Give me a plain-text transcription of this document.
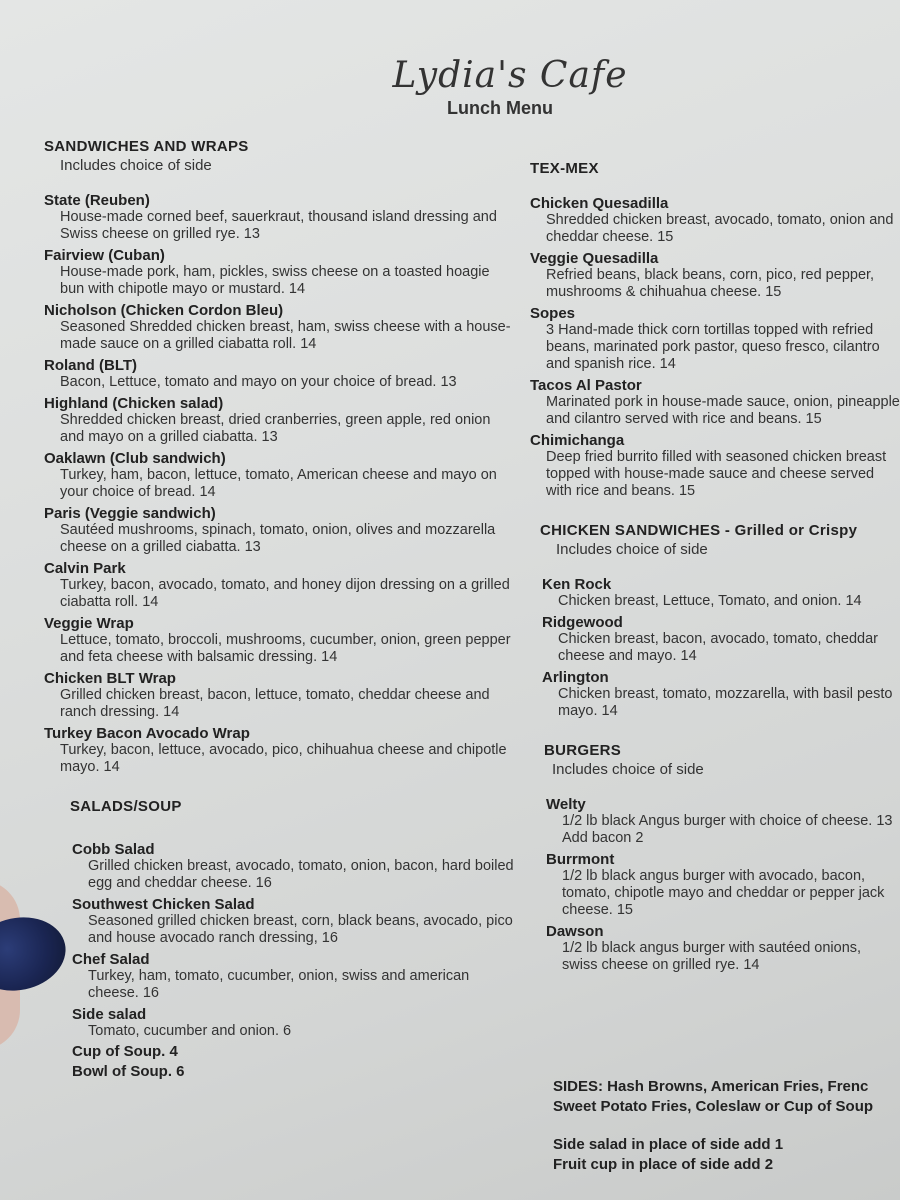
Lydia's Cafe
Lunch Menu
SANDWICHES AND WRAPS
Includes choice of side
State (Reuben)
House-made corned beef, sauerkraut, thousand island dressing and Swiss cheese on grilled rye. 13
Fairview (Cuban)
House-made pork, ham, pickles, swiss cheese on a toasted hoagie bun with chipotle mayo or mustard. 14
Nicholson (Chicken Cordon Bleu)
Seasoned Shredded chicken breast, ham, swiss cheese with a house-made sauce on a grilled ciabatta roll. 14
Roland (BLT)
Bacon, Lettuce, tomato and mayo on your choice of bread. 13
Highland (Chicken salad)
Shredded chicken breast, dried cranberries, green apple, red onion and mayo on a grilled ciabatta. 13
Oaklawn (Club sandwich)
Turkey, ham, bacon, lettuce, tomato, American cheese and mayo on your choice of bread. 14
Paris (Veggie sandwich)
Sautéed mushrooms, spinach, tomato, onion, olives and mozzarella cheese on a grilled ciabatta. 13
Calvin Park
Turkey, bacon, avocado, tomato, and honey dijon dressing on a grilled ciabatta roll. 14
Veggie Wrap
Lettuce, tomato, broccoli, mushrooms, cucumber, onion, green pepper and feta cheese with balsamic dressing. 14
Chicken BLT Wrap
Grilled chicken breast, bacon, lettuce, tomato, cheddar cheese and ranch dressing. 14
Turkey Bacon Avocado Wrap
Turkey, bacon, lettuce, avocado, pico, chihuahua cheese and chipotle mayo. 14
SALADS/SOUP
Cobb Salad
Grilled chicken breast, avocado, tomato, onion, bacon, hard boiled egg and cheddar cheese. 16
Southwest Chicken Salad
Seasoned grilled chicken breast, corn, black beans, avocado, pico and house avocado ranch dressing, 16
Chef Salad
Turkey, ham, tomato, cucumber, onion, swiss and american cheese. 16
Side salad
Tomato, cucumber and onion. 6
Cup of Soup. 4
Bowl of Soup. 6
TEX-MEX
Chicken Quesadilla
Shredded chicken breast, avocado, tomato, onion and cheddar cheese. 15
Veggie Quesadilla
Refried beans, black beans, corn, pico, red pepper, mushrooms & chihuahua cheese. 15
Sopes
3 Hand-made thick corn tortillas topped with refried beans, marinated pork pastor, queso fresco, cilantro and spanish rice. 14
Tacos Al Pastor
Marinated pork in house-made sauce, onion, pineapple and cilantro served with rice and beans. 15
Chimichanga
Deep fried burrito filled with seasoned chicken breast topped with house-made sauce and cheese served with rice and beans. 15
CHICKEN SANDWICHES - Grilled or Crispy
Includes choice of side
Ken Rock
Chicken breast, Lettuce, Tomato, and onion. 14
Ridgewood
Chicken breast, bacon, avocado, tomato, cheddar cheese and mayo. 14
Arlington
Chicken breast, tomato, mozzarella, with basil pesto mayo. 14
BURGERS
Includes choice of side
Welty
1/2 lb black Angus burger with choice of cheese. 13 Add bacon 2
Burrmont
1/2 lb black angus burger with avocado, bacon, tomato, chipotle mayo and cheddar or pepper jack cheese. 15
Dawson
1/2 lb black angus burger with sautéed onions, swiss cheese on grilled rye. 14
SIDES: Hash Browns, American Fries, Frenc
Sweet Potato Fries, Coleslaw or Cup of Soup
Side salad in place of side add 1
Fruit cup in place of side add 2
